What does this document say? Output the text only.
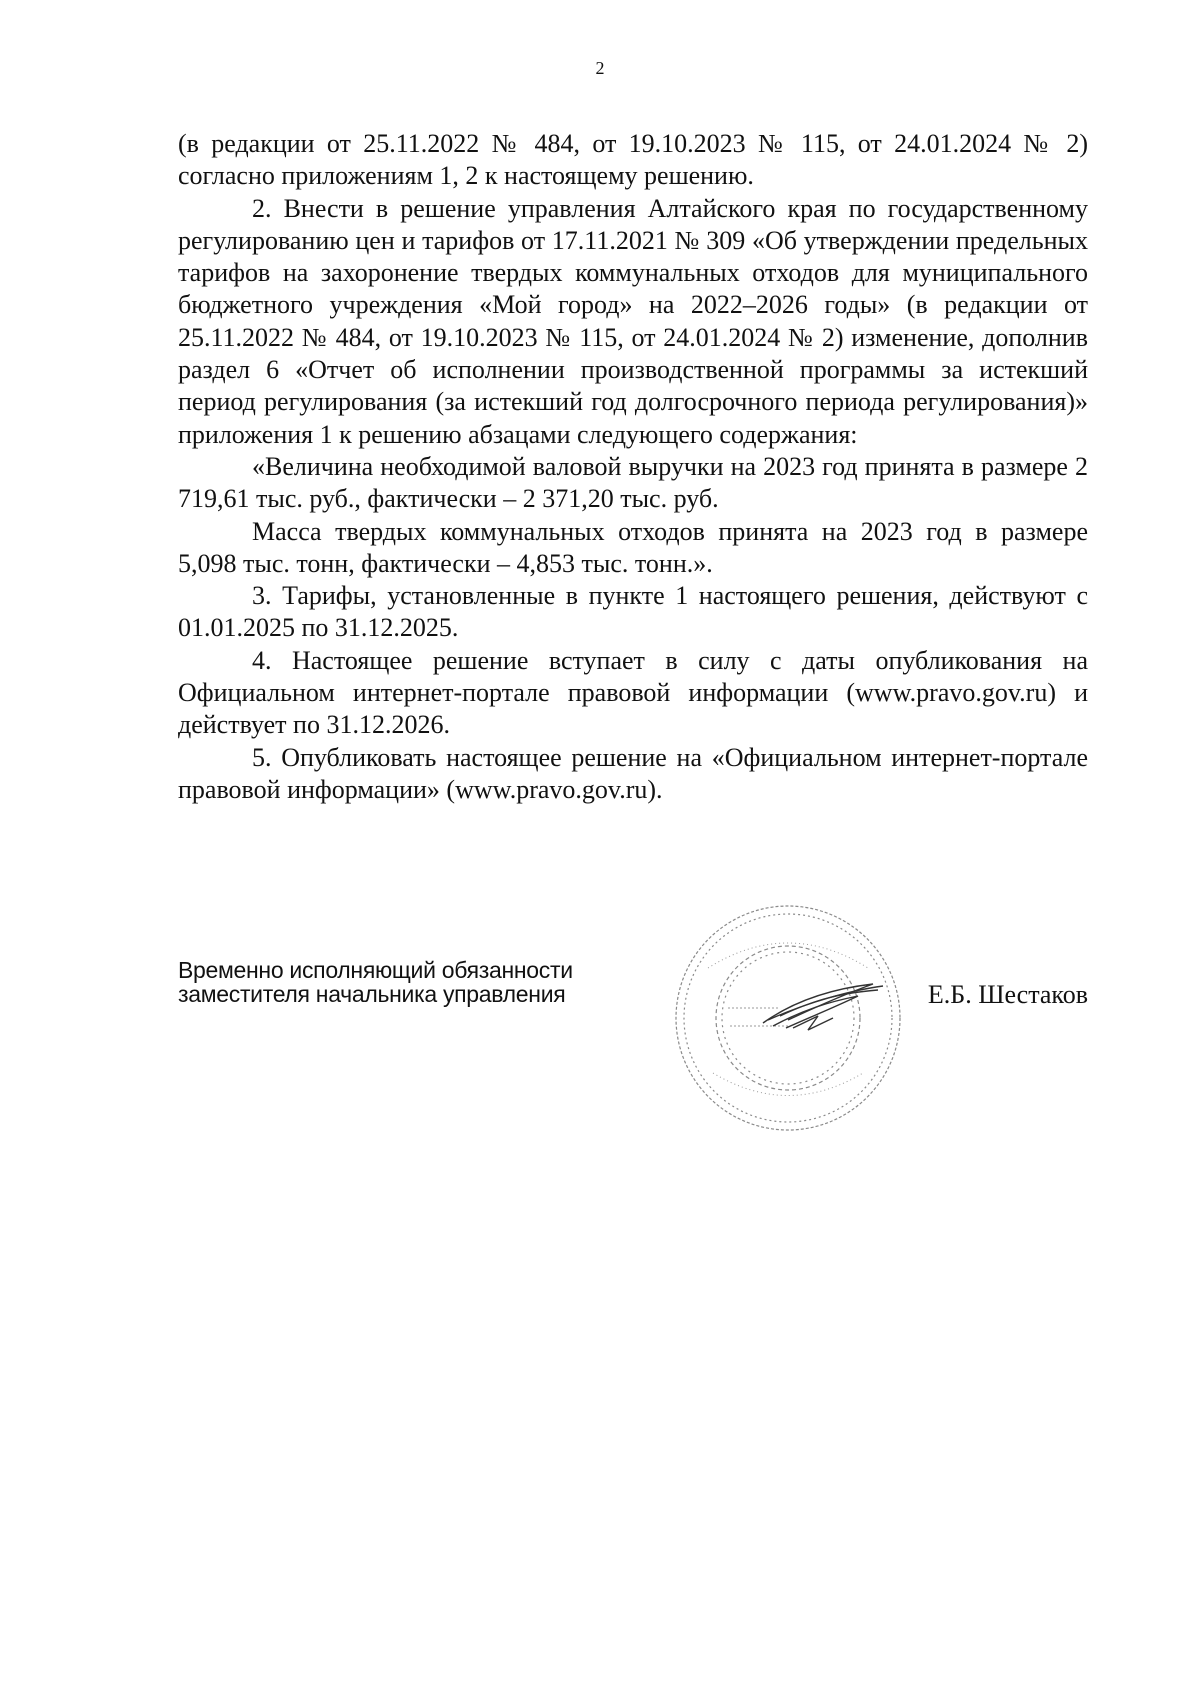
2

(в редакции от 25.11.2022 № 484, от 19.10.2023 № 115, от 24.01.2024 № 2) согласно приложениям 1, 2 к настоящему решению.

2. Внести в решение управления Алтайского края по государственному регулированию цен и тарифов от 17.11.2021 № 309 «Об утверждении предельных тарифов на захоронение твердых коммунальных отходов для муниципального бюджетного учреждения «Мой город» на 2022–2026 годы» (в редакции от 25.11.2022 № 484, от 19.10.2023 № 115, от 24.01.2024 № 2) изменение, дополнив раздел 6 «Отчет об исполнении производственной программы за истекший период регулирования (за истекший год долгосрочного периода регулирования)» приложения 1 к решению абзацами следующего содержания:

«Величина необходимой валовой выручки на 2023 год принята в размере 2 719,61 тыс. руб., фактически – 2 371,20 тыс. руб.

Масса твердых коммунальных отходов принята на 2023 год в размере 5,098 тыс. тонн, фактически – 4,853 тыс. тонн.».

3. Тарифы, установленные в пункте 1 настоящего решения, действуют с 01.01.2025 по 31.12.2025.

4. Настоящее решение вступает в силу с даты опубликования на Официальном интернет-портале правовой информации (www.pravo.gov.ru) и действует по 31.12.2026.

5. Опубликовать настоящее решение на «Официальном интернет-портале правовой информации» (www.pravo.gov.ru).

Временно исполняющий обязанности
заместителя начальника управления	Е.Б. Шестаков
